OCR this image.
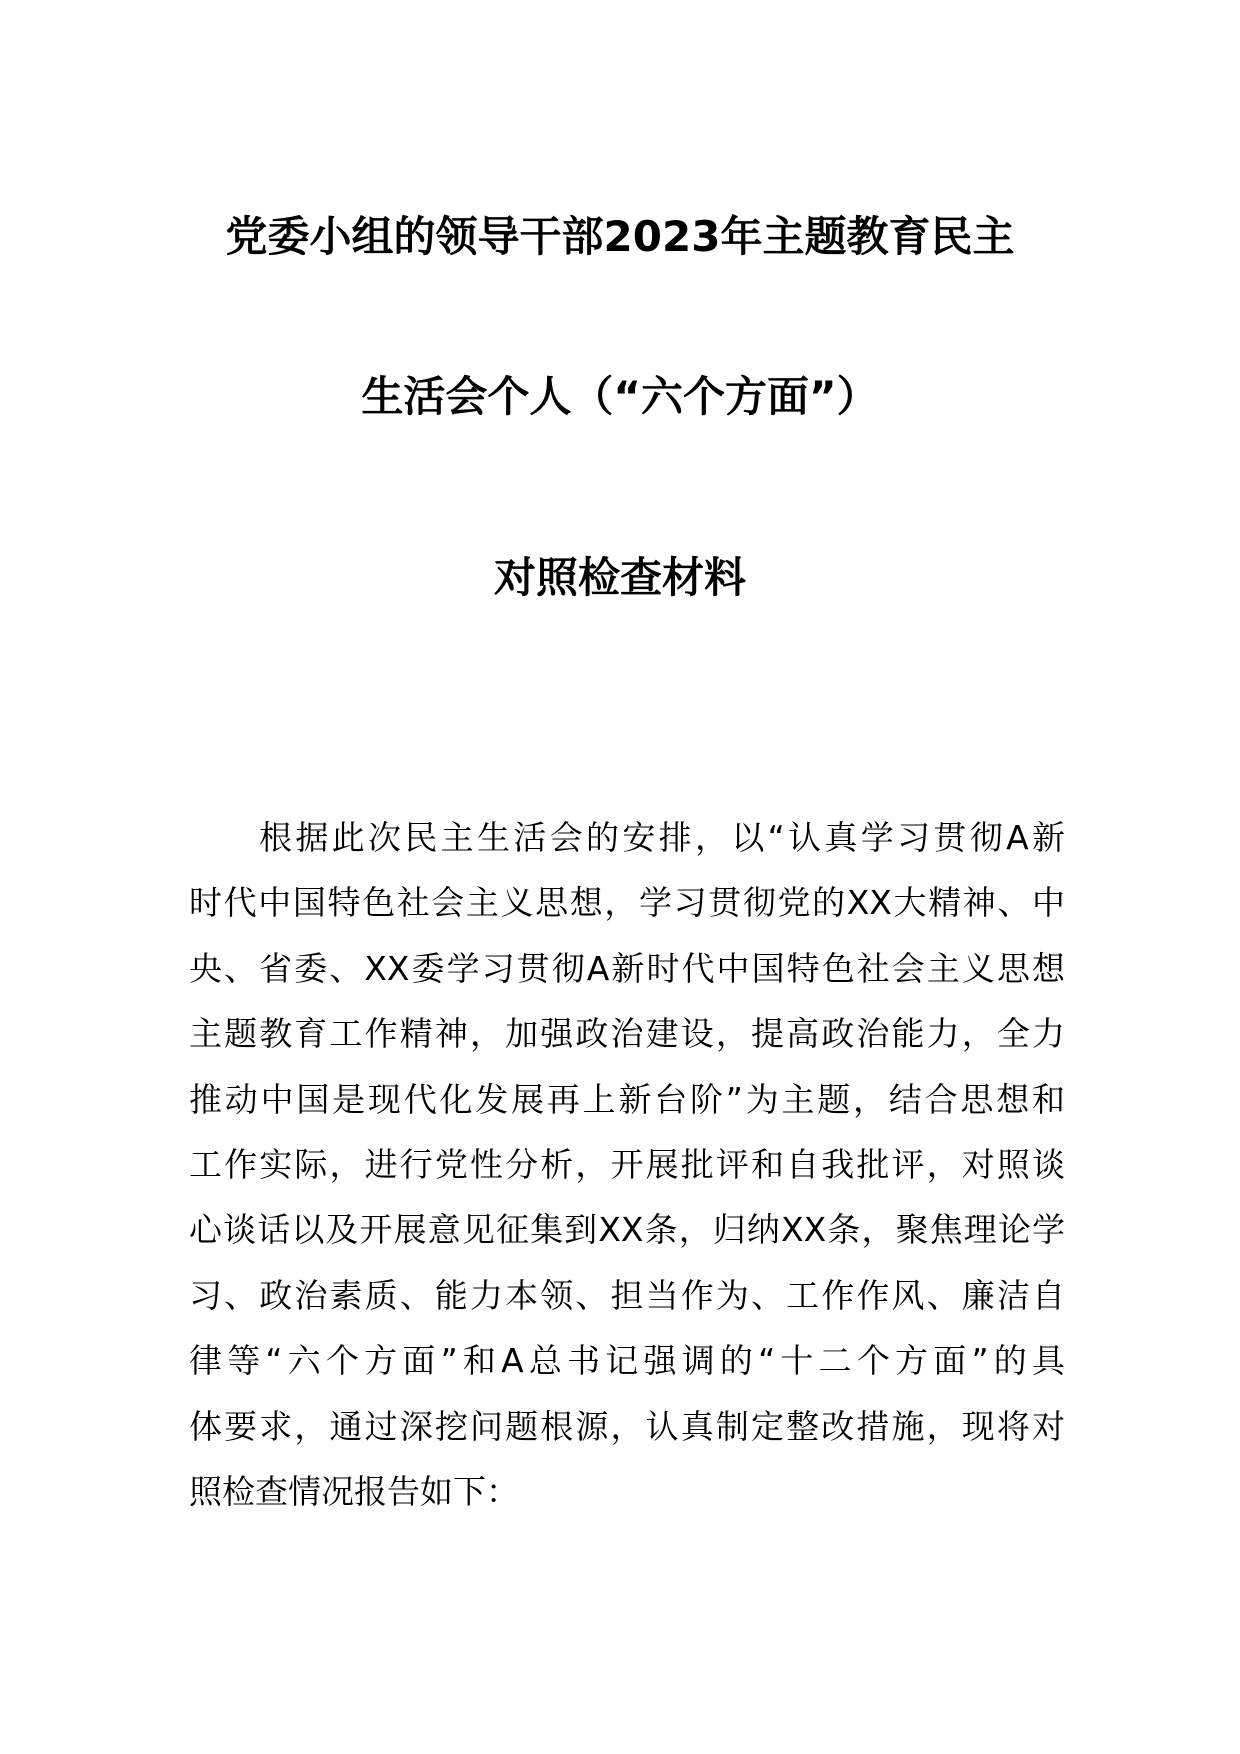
党委小组的领导干部2023年主题教育民主
生活会个人（“六个方面”）
对照检查材料
根据此次民主生活会的安排，以“认真学习贯彻A新
时代中国特色社会主义思想，学习贯彻党的XX大精神、中
央、省委、XX委学习贯彻A新时代中国特色社会主义思想
主题教育工作精神，加强政治建设，提高政治能力，全力
推动中国是现代化发展再上新台阶”为主题，结合思想和
工作实际，进行党性分析，开展批评和自我批评，对照谈
心谈话以及开展意见征集到XX条，归纳XX条，聚焦理论学
习、政治素质、能力本领、担当作为、工作作风、廉洁自
律等“六个方面”和A总书记强调的“十二个方面”的具
体要求，通过深挖问题根源，认真制定整改措施，现将对
照检查情况报告如下：
